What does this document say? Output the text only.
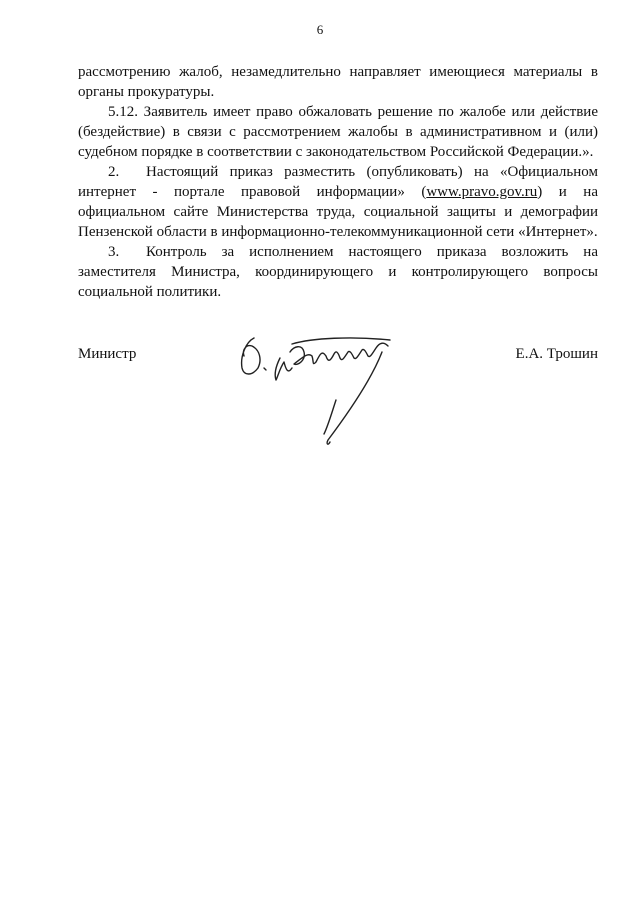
6

рассмотрению жалоб, незамедлительно направляет имеющиеся материалы в органы прокуратуры.

5.12. Заявитель имеет право обжаловать решение по жалобе или действие (бездействие) в связи с рассмотрением жалобы в административном и (или) судебном порядке в соответствии с законодательством Российской Федерации.».

2. Настоящий приказ разместить (опубликовать) на «Официальном интернет - портале правовой информации» (www.pravo.gov.ru) и на официальном сайте Министерства труда, социальной защиты и демографии Пензенской области в информационно-телекоммуникационной сети «Интернет».

3. Контроль за исполнением настоящего приказа возложить на заместителя Министра, координирующего и контролирующего вопросы социальной политики.

Министр	Е.А. Трошин
